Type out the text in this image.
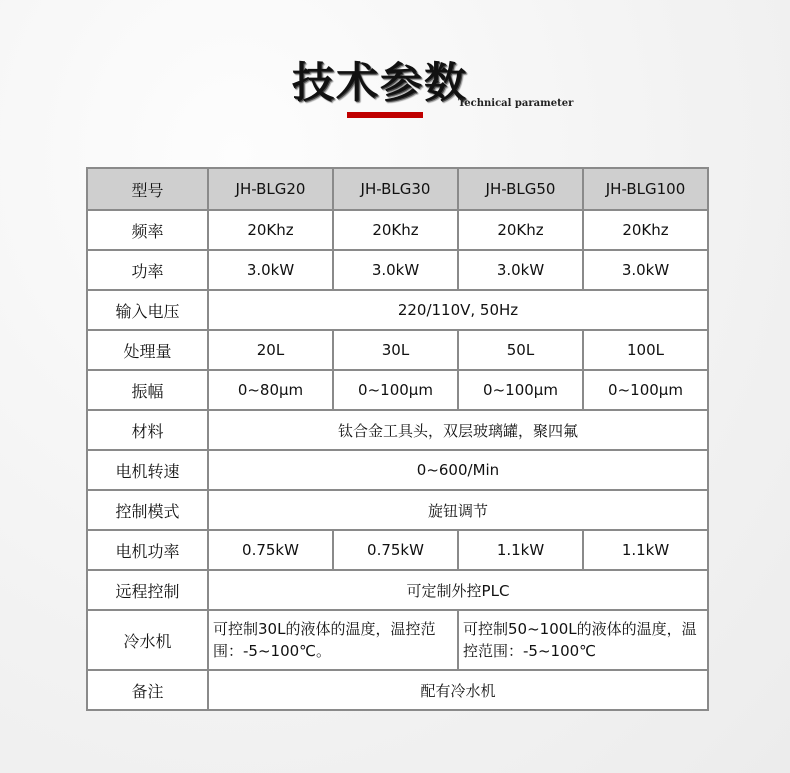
技术参数
Technical parameter
型号	JH-BLG20	JH-BLG30	JH-BLG50	JH-BLG100
频率	20Khz	20Khz	20Khz	20Khz
功率	3.0kW	3.0kW	3.0kW	3.0kW
输入电压	220/110V, 50Hz			
处理量	20L	30L	50L	100L
振幅	0~80μm	0~100μm	0~100μm	0~100μm
材料	钛合金工具头，双层玻璃罐，聚四氟			
电机转速	0~600/Min			
控制模式	旋钮调节			
电机功率	0.75kW	0.75kW	1.1kW	1.1kW
远程控制	可定制外控PLC			
冷水机	可控制30L的液体的温度，温控范围：-5~100℃。		可控制50~100L的液体的温度，温控范围：-5~100℃	
备注	配有冷水机			
